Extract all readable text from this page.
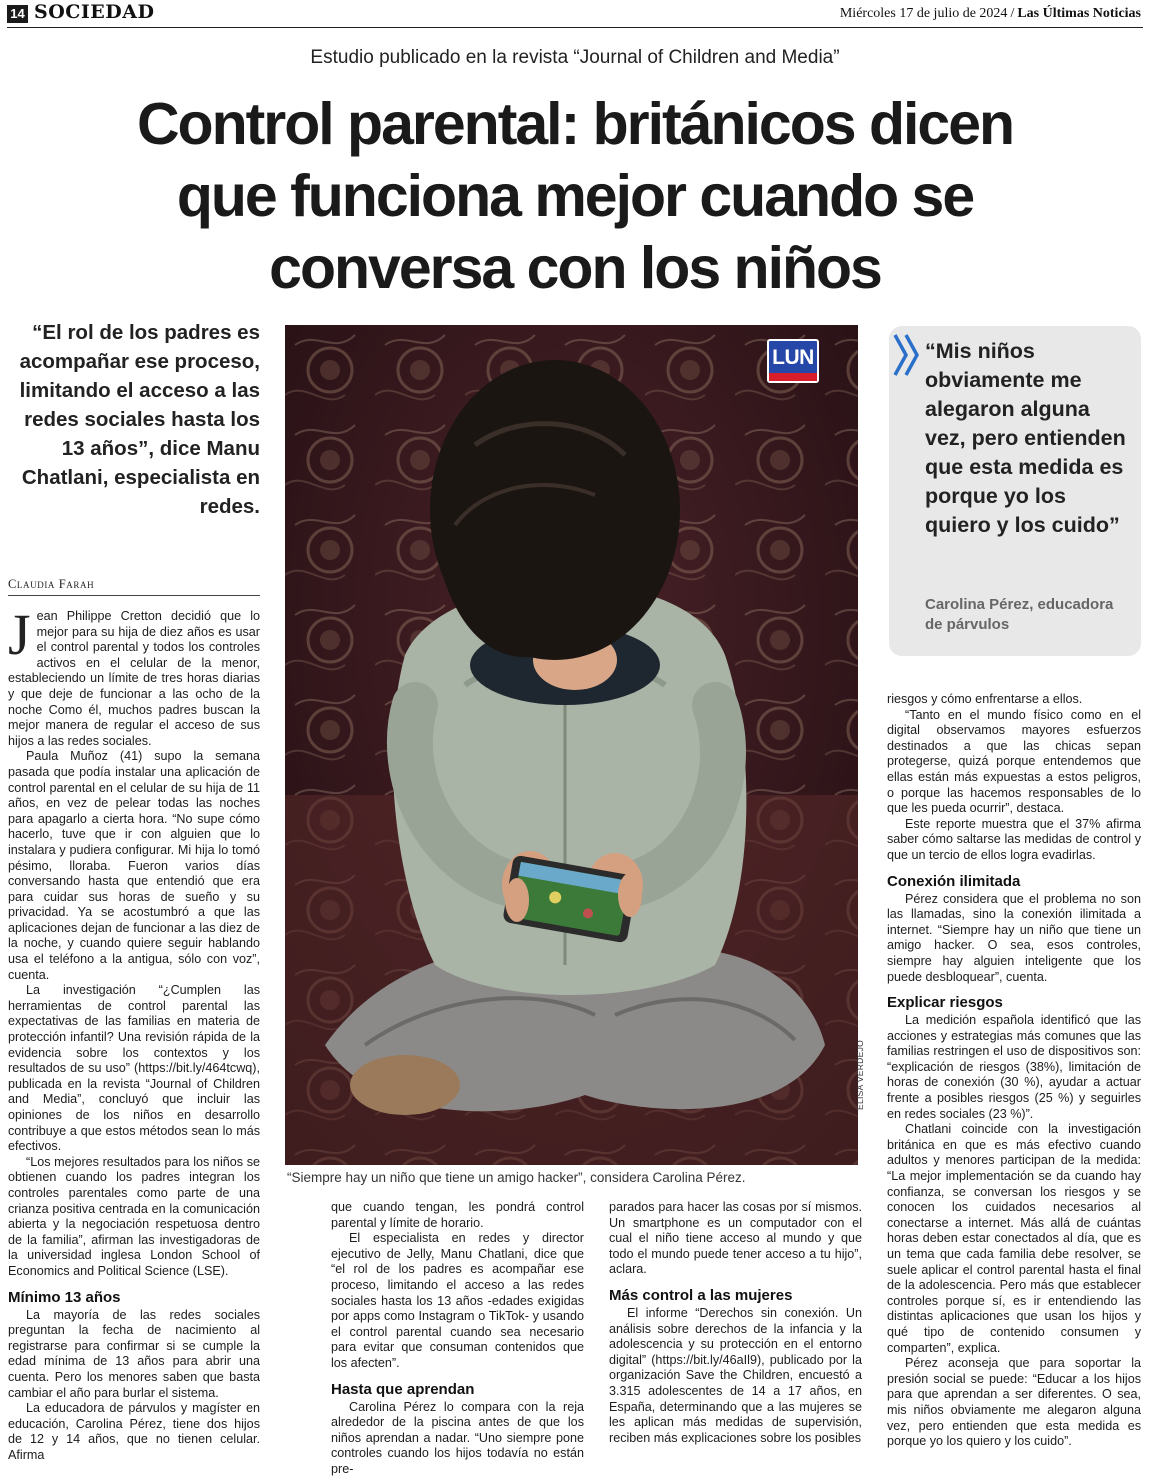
14 SOCIEDAD	Miércoles 17 de julio de 2024 / Las Últimas Noticias
Estudio publicado en la revista “Journal of Children and Media”
Control parental: británicos dicen
que funciona mejor cuando se
conversa con los niños
“El rol de los padres es acompañar ese proceso, limitando el acceso a las redes sociales hasta los 13 años”, dice Manu Chatlani, especialista en redes.
LUN
ELISA VERDEJO
“Siempre hay un niño que tiene un amigo hacker”, considera Carolina Pérez.
“Mis niños obviamente me alegaron alguna vez, pero entienden que esta medida es porque yo los quiero y los cuido”
Carolina Pérez, educadora de párvulos
Claudia Farah

Jean Philippe Cretton decidió que lo mejor para su hija de diez años es usar el control parental y todos los controles activos en el celular de la menor, estableciendo un límite de tres horas diarias y que deje de funcionar a las ocho de la noche Como él, muchos padres buscan la mejor manera de regular el acceso de sus hijos a las redes sociales.

Paula Muñoz (41) supo la semana pasada que podía instalar una aplicación de control parental en el celular de su hija de 11 años, en vez de pelear todas las noches para apagarlo a cierta hora. “No supe cómo hacerlo, tuve que ir con alguien que lo instalara y pudiera configurar. Mi hija lo tomó pésimo, lloraba. Fueron varios días conversando hasta que entendió que era para cuidar sus horas de sueño y su privacidad. Ya se acostumbró a que las aplicaciones dejan de funcionar a las diez de la noche, y cuando quiere seguir hablando usa el teléfono a la antigua, sólo con voz”, cuenta.

La investigación “¿Cumplen las herramientas de control parental las expectativas de las familias en materia de protección infantil? Una revisión rápida de la evidencia sobre los contextos y los resultados de su uso” (https://bit.ly/464tcwq), publicada en la revista “Journal of Children and Media”, concluyó que incluir las opiniones de los niños en desarrollo contribuye a que estos métodos sean lo más efectivos.

“Los mejores resultados para los niños se obtienen cuando los padres integran los controles parentales como parte de una crianza positiva centrada en la comunicación abierta y la negociación respetuosa dentro de la familia”, afirman las investigadoras de la universidad inglesa London School of Economics and Political Science (LSE).

Mínimo 13 años

La mayoría de las redes sociales preguntan la fecha de nacimiento al registrarse para confirmar si se cumple la edad mínima de 13 años para abrir una cuenta. Pero los menores saben que basta cambiar el año para burlar el sistema.

La educadora de párvulos y magíster en educación, Carolina Pérez, tiene dos hijos de 12 y 14 años, que no tienen celular. Afirma

que cuando tengan, les pondrá control parental y límite de horario.

El especialista en redes y director ejecutivo de Jelly, Manu Chatlani, dice que “el rol de los padres es acompañar ese proceso, limitando el acceso a las redes sociales hasta los 13 años -edades exigidas por apps como Instagram o TikTok- y usando el control parental cuando sea necesario para evitar que consuman contenidos que los afecten”.

Hasta que aprendan

Carolina Pérez lo compara con la reja alrededor de la piscina antes de que los niños aprendan a nadar. “Uno siempre pone controles cuando los hijos todavía no están pre-

parados para hacer las cosas por sí mismos. Un smartphone es un computador con el cual el niño tiene acceso al mundo y que todo el mundo puede tener acceso a tu hijo”, aclara.

Más control a las mujeres

El informe “Derechos sin conexión. Un análisis sobre derechos de la infancia y la adolescencia y su protección en el entorno digital” (https://bit.ly/46aIl9), publicado por la organización Save the Children, encuestó a 3.315 adolescentes de 14 a 17 años, en España, determinando que a las mujeres se les aplican más medidas de supervisión, reciben más explicaciones sobre los posibles

riesgos y cómo enfrentarse a ellos.

“Tanto en el mundo físico como en el digital observamos mayores esfuerzos destinados a que las chicas sepan protegerse, quizá porque entendemos que ellas están más expuestas a estos peligros, o porque las hacemos responsables de lo que les pueda ocurrir”, destaca.

Este reporte muestra que el 37% afirma saber cómo saltarse las medidas de control y que un tercio de ellos logra evadirlas.

Conexión ilimitada

Pérez considera que el problema no son las llamadas, sino la conexión ilimitada a internet. “Siempre hay un niño que tiene un amigo hacker. O sea, esos controles, siempre hay alguien inteligente que los puede desbloquear”, cuenta.

Explicar riesgos

La medición española identificó que las acciones y estrategias más comunes que las familias restringen el uso de dispositivos son: “explicación de riesgos (38%), limitación de horas de conexión (30 %), ayudar a actuar frente a posibles riesgos (25 %) y seguirles en redes sociales (23 %)”.

Chatlani coincide con la investigación británica en que es más efectivo cuando adultos y menores participan de la medida: “La mejor implementación se da cuando hay confianza, se conversan los riesgos y se conocen los cuidados necesarios al conectarse a internet. Más allá de cuántas horas deben estar conectados al día, que es un tema que cada familia debe resolver, se suele aplicar el control parental hasta el final de la adolescencia. Pero más que establecer controles porque sí, es ir entendiendo las distintas aplicaciones que usan los hijos y qué tipo de contenido consumen y comparten”, explica.

Pérez aconseja que para soportar la presión social se puede: “Educar a los hijos para que aprendan a ser diferentes. O sea, mis niños obviamente me alegaron alguna vez, pero entienden que esta medida es porque yo los quiero y los cuido”.
